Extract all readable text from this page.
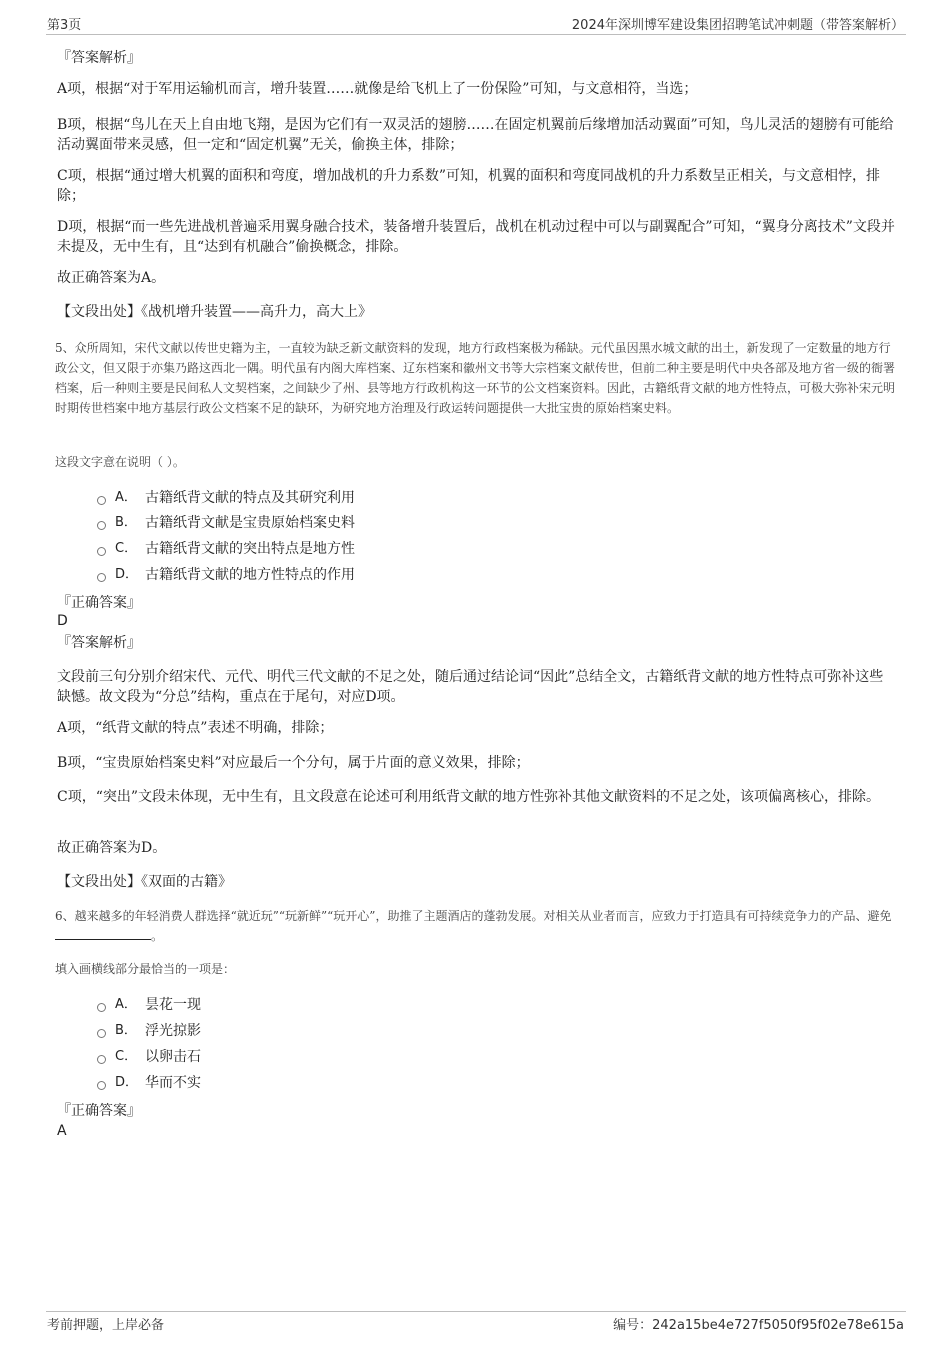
第3页	2024年深圳博军建设集团招聘笔试冲刺题（带答案解析）
『答案解析』

A项，根据“对于军用运输机而言，增升装置……就像是给飞机上了一份保险”可知，与文意相符，当选；

B项，根据“鸟儿在天上自由地飞翔，是因为它们有一双灵活的翅膀……在固定机翼前后缘增加活动翼面”可知，鸟儿灵活的翅膀有可能给活动翼面带来灵感，但一定和“固定机翼”无关，偷换主体，排除；

C项，根据“通过增大机翼的面积和弯度，增加战机的升力系数”可知，机翼的面积和弯度同战机的升力系数呈正相关，与文意相悖，排除；

D项，根据“而一些先进战机普遍采用翼身融合技术，装备增升装置后，战机在机动过程中可以与副翼配合”可知，“翼身分离技术”文段并未提及，无中生有，且“达到有机融合”偷换概念，排除。

故正确答案为A。

【文段出处】《战机增升装置——高升力，高大上》

5、众所周知，宋代文献以传世史籍为主，一直较为缺乏新文献资料的发现，地方行政档案极为稀缺。元代虽因黑水城文献的出土，新发现了一定数量的地方行政公文，但又限于亦集乃路这西北一隅。明代虽有内阁大库档案、辽东档案和徽州文书等大宗档案文献传世，但前二种主要是明代中央各部及地方省一级的衙署档案，后一种则主要是民间私人文契档案，之间缺少了州、县等地方行政机构这一环节的公文档案资料。因此，古籍纸背文献的地方性特点，可极大弥补宋元明时期传世档案中地方基层行政公文档案不足的缺环，为研究地方治理及行政运转问题提供一大批宝贵的原始档案史料。

这段文字意在说明（ ）。

A． 古籍纸背文献的特点及其研究利用
B． 古籍纸背文献是宝贵原始档案史料
C． 古籍纸背文献的突出特点是地方性
D． 古籍纸背文献的地方性特点的作用
『正确答案』
D
『答案解析』

文段前三句分别介绍宋代、元代、明代三代文献的不足之处，随后通过结论词“因此”总结全文，古籍纸背文献的地方性特点可弥补这些缺憾。故文段为“分总”结构，重点在于尾句，对应D项。

A项，“纸背文献的特点”表述不明确，排除；

B项，“宝贵原始档案史料”对应最后一个分句，属于片面的意义效果，排除；

C项，“突出”文段未体现，无中生有，且文段意在论述可利用纸背文献的地方性弥补其他文献资料的不足之处，该项偏离核心，排除。

故正确答案为D。

【文段出处】《双面的古籍》

6、越来越多的年轻消费人群选择“就近玩”“玩新鲜”“玩开心”，助推了主题酒店的蓬勃发展。对相关从业者而言，应致力于打造具有可持续竞争力的产品、避免。

填入画横线部分最恰当的一项是：

A． 昙花一现
B． 浮光掠影
C． 以卵击石
D． 华而不实
『正确答案』
A
考前押题，上岸必备	编号：242a15be4e727f5050f95f02e78e615a
